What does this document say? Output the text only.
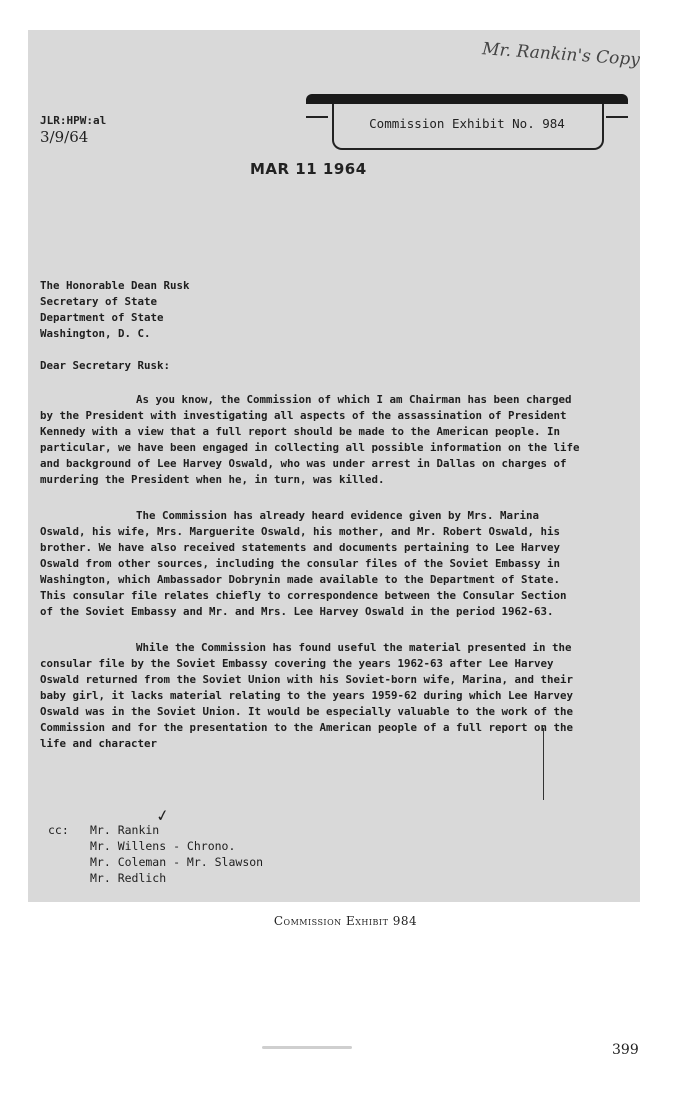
Mr. Rankin's Copy
JLR:HPW:al
3/9/64
Commission Exhibit No. 984
MAR 11 1964

The Honorable Dean Rusk

Secretary of State

Department of State

Washington, D. C.

Dear Secretary Rusk:

As you know, the Commission of which I am Chairman has been charged by the President with investigating all aspects of the assassination of President Kennedy with a view that a full report should be made to the American people. In particular, we have been engaged in collecting all possible information on the life and background of Lee Harvey Oswald, who was under arrest in Dallas on charges of murdering the President when he, in turn, was killed.

The Commission has already heard evidence given by Mrs. Marina Oswald, his wife, Mrs. Marguerite Oswald, his mother, and Mr. Robert Oswald, his brother. We have also received statements and documents pertaining to Lee Harvey Oswald from other sources, including the consular files of the Soviet Embassy in Washington, which Ambassador Dobrynin made available to the Department of State. This consular file relates chiefly to correspondence between the Consular Section of the Soviet Embassy and Mr. and Mrs. Lee Harvey Oswald in the period 1962-63.

While the Commission has found useful the material presented in the consular file by the Soviet Embassy covering the years 1962-63 after Lee Harvey Oswald returned from the Soviet Union with his Soviet-born wife, Marina, and their baby girl, it lacks material relating to the years 1959-62 during which Lee Harvey Oswald was in the Soviet Union. It would be especially valuable to the work of the Commission and for the presentation to the American people of a full report on the life and character

✓
cc:	Mr. Rankin
Mr. Willens - Chrono.
Mr. Coleman - Mr. Slawson
Mr. Redlich
Commission Exhibit 984
399
